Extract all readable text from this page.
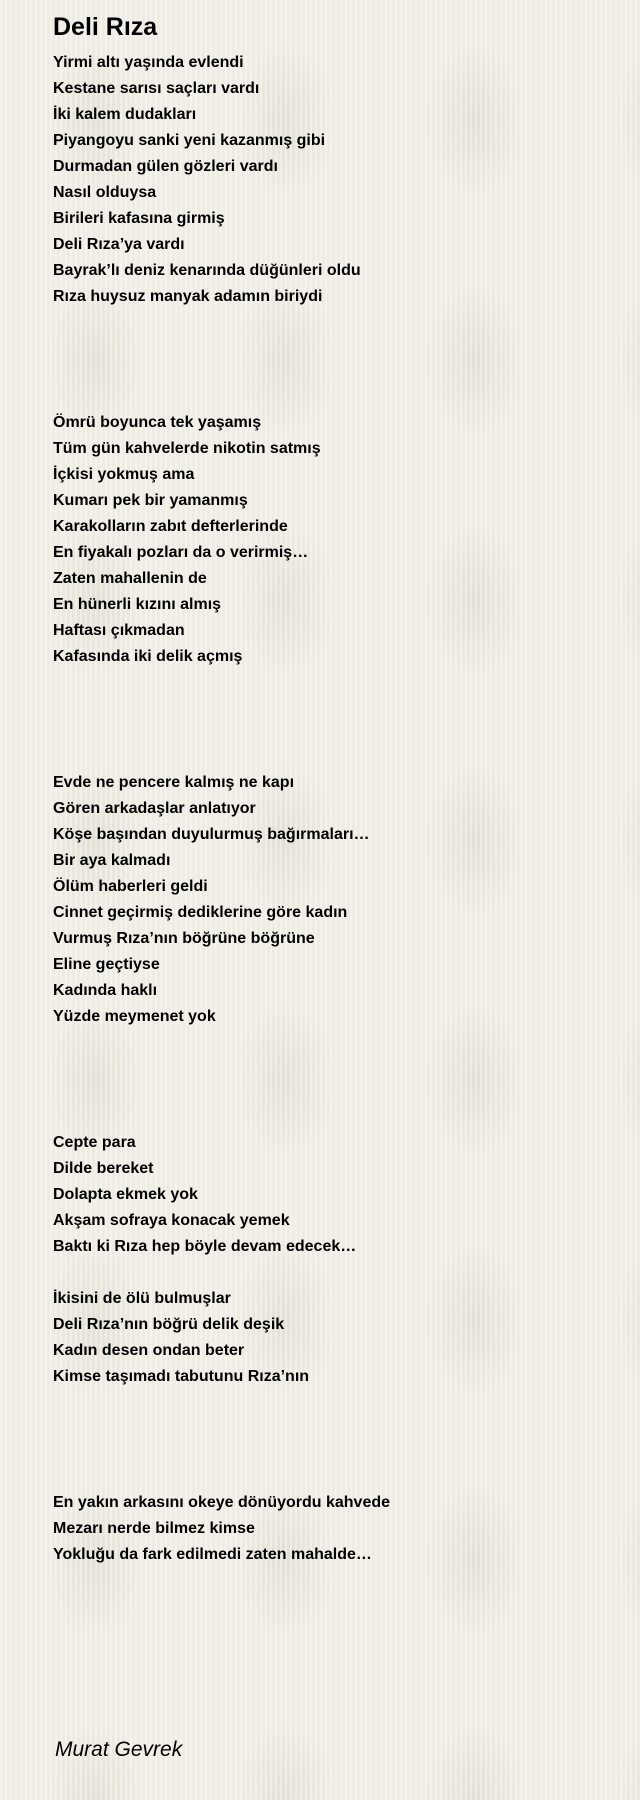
Deli Rıza
Yirmi altı yaşında evlendi
Kestane sarısı saçları vardı
İki kalem dudakları
Piyangoyu sanki yeni kazanmış gibi
Durmadan gülen gözleri vardı
Nasıl olduysa
Birileri kafasına girmiş
Deli Rıza’ya vardı
Bayrak’lı deniz kenarında düğünleri oldu
Rıza huysuz manyak adamın biriydi
Ömrü boyunca tek yaşamış
Tüm gün kahvelerde nikotin satmış
İçkisi yokmuş ama
Kumarı pek bir yamanmış
Karakolların zabıt defterlerinde
En fiyakalı pozları da o verirmiş…
Zaten mahallenin de
En hünerli kızını almış
Haftası çıkmadan
Kafasında iki delik açmış
Evde ne pencere kalmış ne kapı
Gören arkadaşlar anlatıyor
Köşe başından duyulurmuş bağırmaları…
Bir aya kalmadı
Ölüm haberleri geldi
Cinnet geçirmiş dediklerine göre kadın
Vurmuş Rıza’nın böğrüne böğrüne
Eline geçtiyse
Kadında haklı
Yüzde meymenet yok
Cepte para
Dilde bereket
Dolapta ekmek yok
Akşam sofraya konacak yemek
Baktı ki Rıza hep böyle devam edecek…
İkisini de ölü bulmuşlar
Deli Rıza’nın böğrü delik deşik
Kadın desen ondan beter
Kimse taşımadı tabutunu Rıza’nın
En yakın arkasını okeye dönüyordu kahvede
Mezarı nerde bilmez kimse
Yokluğu da fark edilmedi zaten mahalde…
Murat Gevrek
